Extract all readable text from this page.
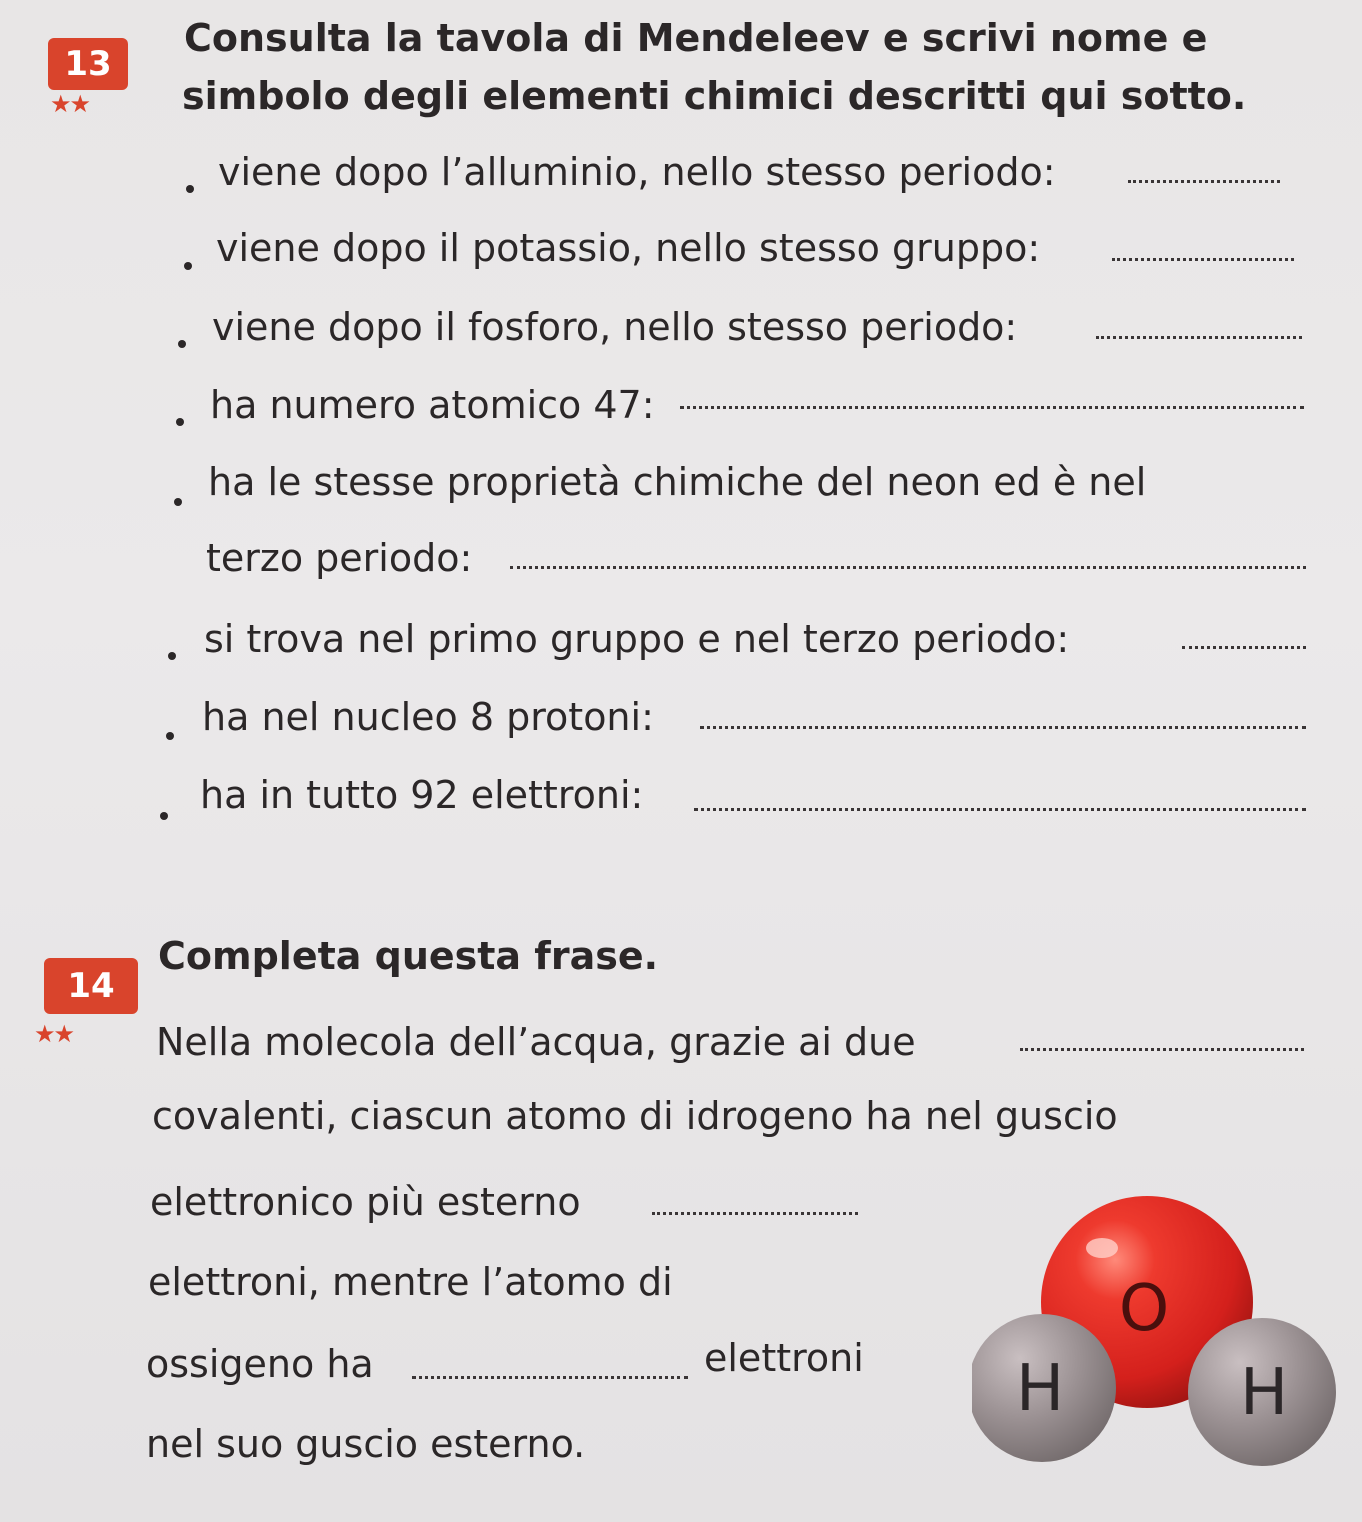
13
★★
Consulta la tavola di Mendeleev e scrivi nome e
simbolo degli elementi chimici descritti qui sotto.
viene dopo l’alluminio, nello stesso periodo:
viene dopo il potassio, nello stesso gruppo:
viene dopo il fosforo, nello stesso periodo:
ha numero atomico 47:
ha le stesse proprietà chimiche del neon ed è nel
terzo periodo:
si trova nel primo gruppo e nel terzo periodo:
ha nel nucleo 8 protoni:
ha in tutto 92 elettroni:
14
★★
Completa questa frase.
Nella molecola dell’acqua, grazie ai due
covalenti, ciascun atomo di idrogeno ha nel guscio
elettronico più esterno
elettroni, mentre l’atomo di
ossigeno ha	elettroni
nel suo guscio esterno.
O
H	H
